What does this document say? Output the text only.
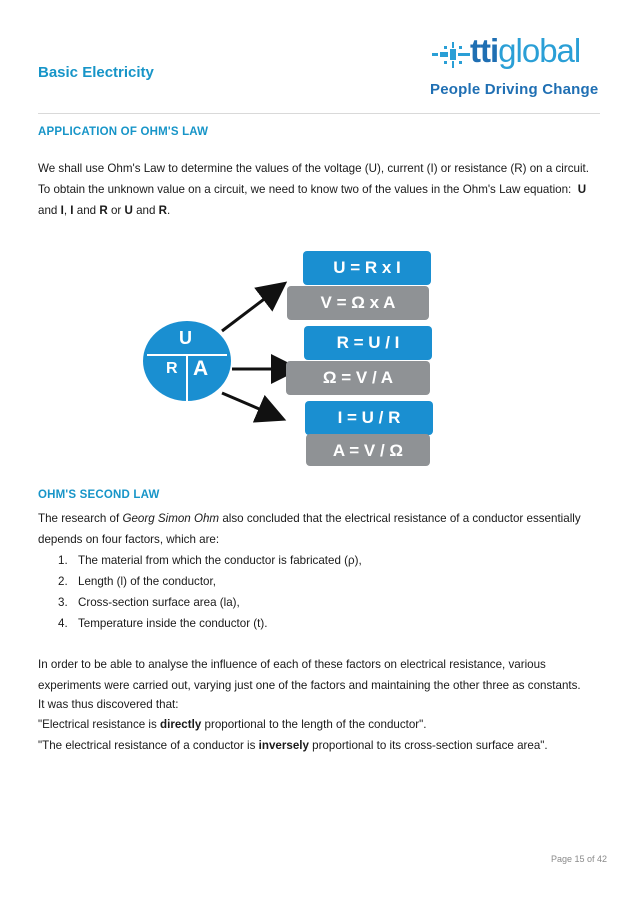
Basic Electricity
ttiglobal
People Driving Change
APPLICATION OF OHM'S LAW
We shall use Ohm's Law to determine the values of the voltage (U), current (I) or resistance (R) on a circuit.
To obtain the unknown value on a circuit, we need to know two of the values in the Ohm's Law equation: U
and I, I and R or U and R.
U
R A
U = R x I
V = Ω x A
R = U / I
Ω = V / A
I = U / R
A = V / Ω
OHM'S SECOND LAW
The research of Georg Simon Ohm also concluded that the electrical resistance of a conductor essentially
depends on four factors, which are:
1. The material from which the conductor is fabricated (ρ),
2. Length (l) of the conductor,
3. Cross-section surface area (la),
4. Temperature inside the conductor (t).
In order to be able to analyse the influence of each of these factors on electrical resistance, various
experiments were carried out, varying just one of the factors and maintaining the other three as constants.
It was thus discovered that:
"Electrical resistance is directly proportional to the length of the conductor".
"The electrical resistance of a conductor is inversely proportional to its cross-section surface area".
Page 15 of 42
